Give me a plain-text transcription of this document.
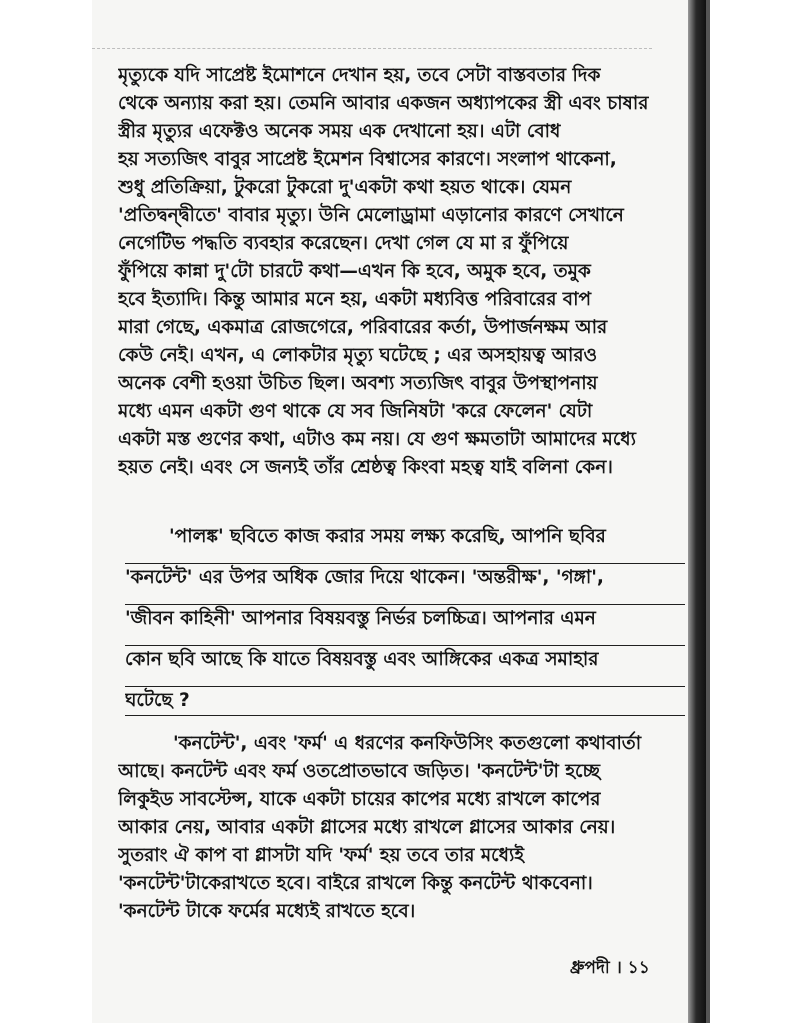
মৃত্যুকে যদি সাপ্রেষ্ট ইমোশনে দেখান হয়, তবে সেটা বাস্তবতার দিক
থেকে অন্যায় করা হয়। তেমনি আবার একজন অধ্যাপকের স্ত্রী এবং চাষার
স্ত্রীর মৃত্যুর এফেক্টও অনেক সময় এক দেখানো হয়। এটা বোধ
হয় সত্যজিৎ বাবুর সাপ্রেষ্ট ইমেশন বিশ্বাসের কারণে। সংলাপ থাকেনা,
শুধু প্রতিক্রিয়া, টুকরো টুকরো দু'একটা কথা হয়ত থাকে। যেমন
'প্রতিদ্বন্দ্বীতে' বাবার মৃত্যু। উনি মেলোড্রামা এড়ানোর কারণে সেখানে
নেগেটিভ পদ্ধতি ব্যবহার করেছেন। দেখা গেল যে মা র ফুঁপিয়ে
ফুঁপিয়ে কান্না দু'টো চারটে কথা—এখন কি হবে, অমুক হবে, তমুক
হবে ইত্যাদি। কিন্তু আমার মনে হয়, একটা মধ্যবিত্ত পরিবারের বাপ
মারা গেছে, একমাত্র রোজগেরে, পরিবারের কর্তা, উপার্জনক্ষম আর
কেউ নেই। এখন, এ লোকটার মৃত্যু ঘটেছে ; এর অসহায়ত্ব আরও
অনেক বেশী হওয়া উচিত ছিল। অবশ্য সত্যজিৎ বাবুর উপস্থাপনায়
মধ্যে এমন একটা গুণ থাকে যে সব জিনিষটা 'করে ফেলেন' যেটা
একটা মস্ত গুণের কথা, এটাও কম নয়। যে গুণ ক্ষমতাটা আমাদের মধ্যে
হয়ত নেই। এবং সে জন্যই তাঁর শ্রেষ্ঠত্ব কিংবা মহত্ব যাই বলিনা কেন।
'পালঙ্ক' ছবিতে কাজ করার সময় লক্ষ্য করেছি, আপনি ছবির
'কনটেন্ট' এর উপর অধিক জোর দিয়ে থাকেন। 'অন্তরীক্ষ', 'গঙ্গা',
'জীবন কাহিনী' আপনার বিষয়বস্তু নির্ভর চলচ্চিত্র। আপনার এমন
কোন ছবি আছে কি যাতে বিষয়বস্তু এবং আঙ্গিকের একত্র সমাহার
ঘটেছে ?
'কনটেন্ট', এবং 'ফর্ম' এ ধরণের কনফিউসিং কতগুলো কথাবার্তা
আছে। কনটেন্ট এবং ফর্ম ওতপ্রোতভাবে জড়িত। 'কনটেন্ট'টা হচ্ছে
লিকুইড সাবস্টেন্স, যাকে একটা চায়ের কাপের মধ্যে রাখলে কাপের
আকার নেয়, আবার একটা গ্লাসের মধ্যে রাখলে গ্লাসের আকার নেয়।
সুতরাং ঐ কাপ বা গ্লাসটা যদি 'ফর্ম' হয় তবে তার মধ্যেই
'কনটেন্ট'টাকেরাখতে হবে। বাইরে রাখলে কিন্তু কনটেন্ট থাকবেনা।
'কনটেন্ট টাকে ফর্মের মধ্যেই রাখতে হবে।
ধ্রুপদী । ১১
